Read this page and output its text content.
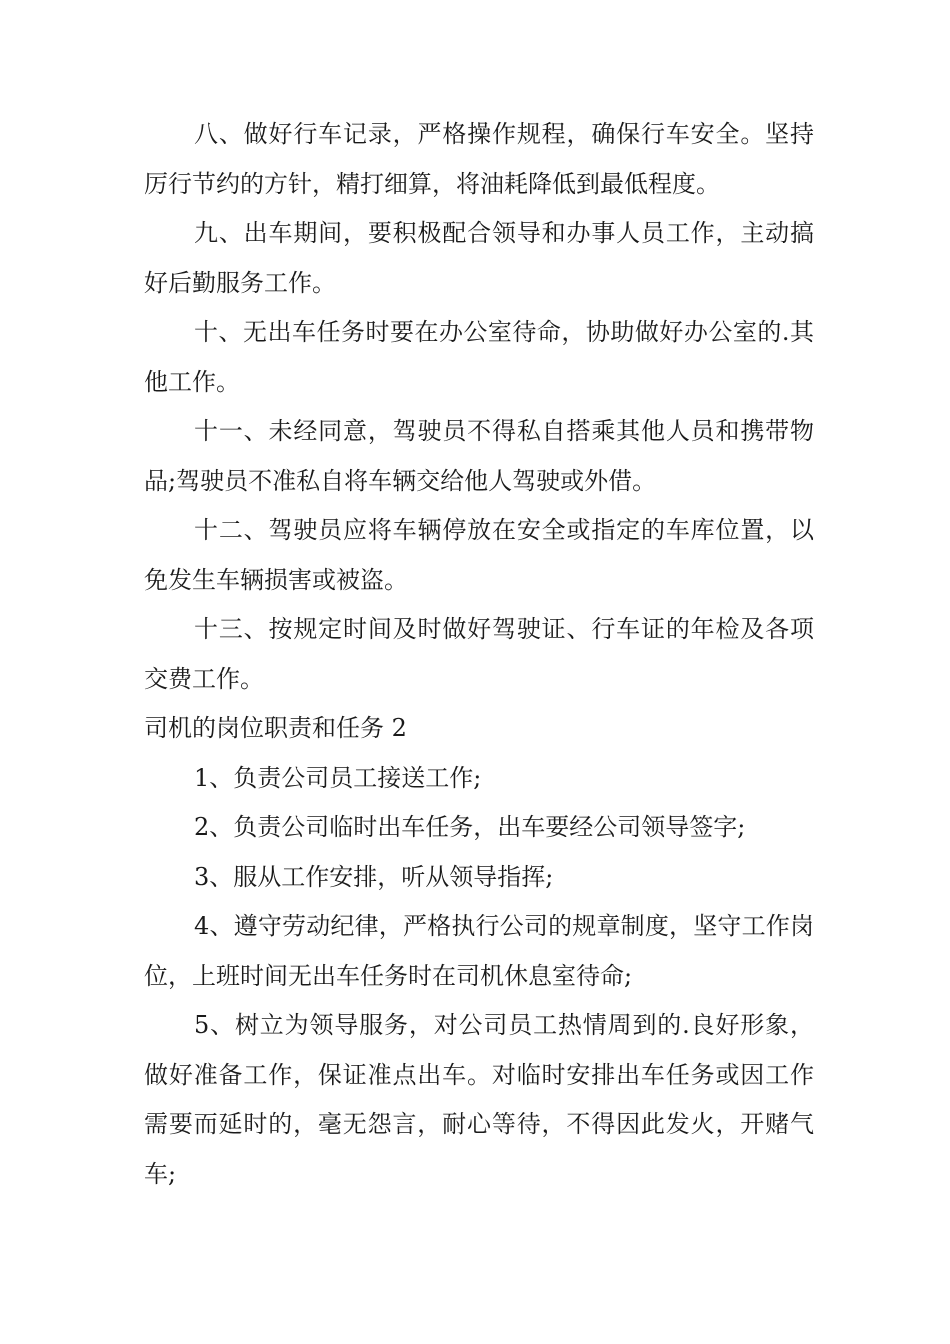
八、做好行车记录，严格操作规程，确保行车安全。坚持厉行节约的方针，精打细算，将油耗降低到最低程度。

九、出车期间，要积极配合领导和办事人员工作，主动搞好后勤服务工作。

十、无出车任务时要在办公室待命，协助做好办公室的.其他工作。

十一、未经同意，驾驶员不得私自搭乘其他人员和携带物品;驾驶员不准私自将车辆交给他人驾驶或外借。

十二、驾驶员应将车辆停放在安全或指定的车库位置，以免发生车辆损害或被盗。

十三、按规定时间及时做好驾驶证、行车证的年检及各项交费工作。

司机的岗位职责和任务 2

1、负责公司员工接送工作;

2、负责公司临时出车任务，出车要经公司领导签字;

3、服从工作安排，听从领导指挥;

4、遵守劳动纪律，严格执行公司的规章制度，坚守工作岗位，上班时间无出车任务时在司机休息室待命;

5、树立为领导服务，对公司员工热情周到的.良好形象，做好准备工作，保证准点出车。对临时安排出车任务或因工作需要而延时的，毫无怨言，耐心等待，不得因此发火，开赌气车;
